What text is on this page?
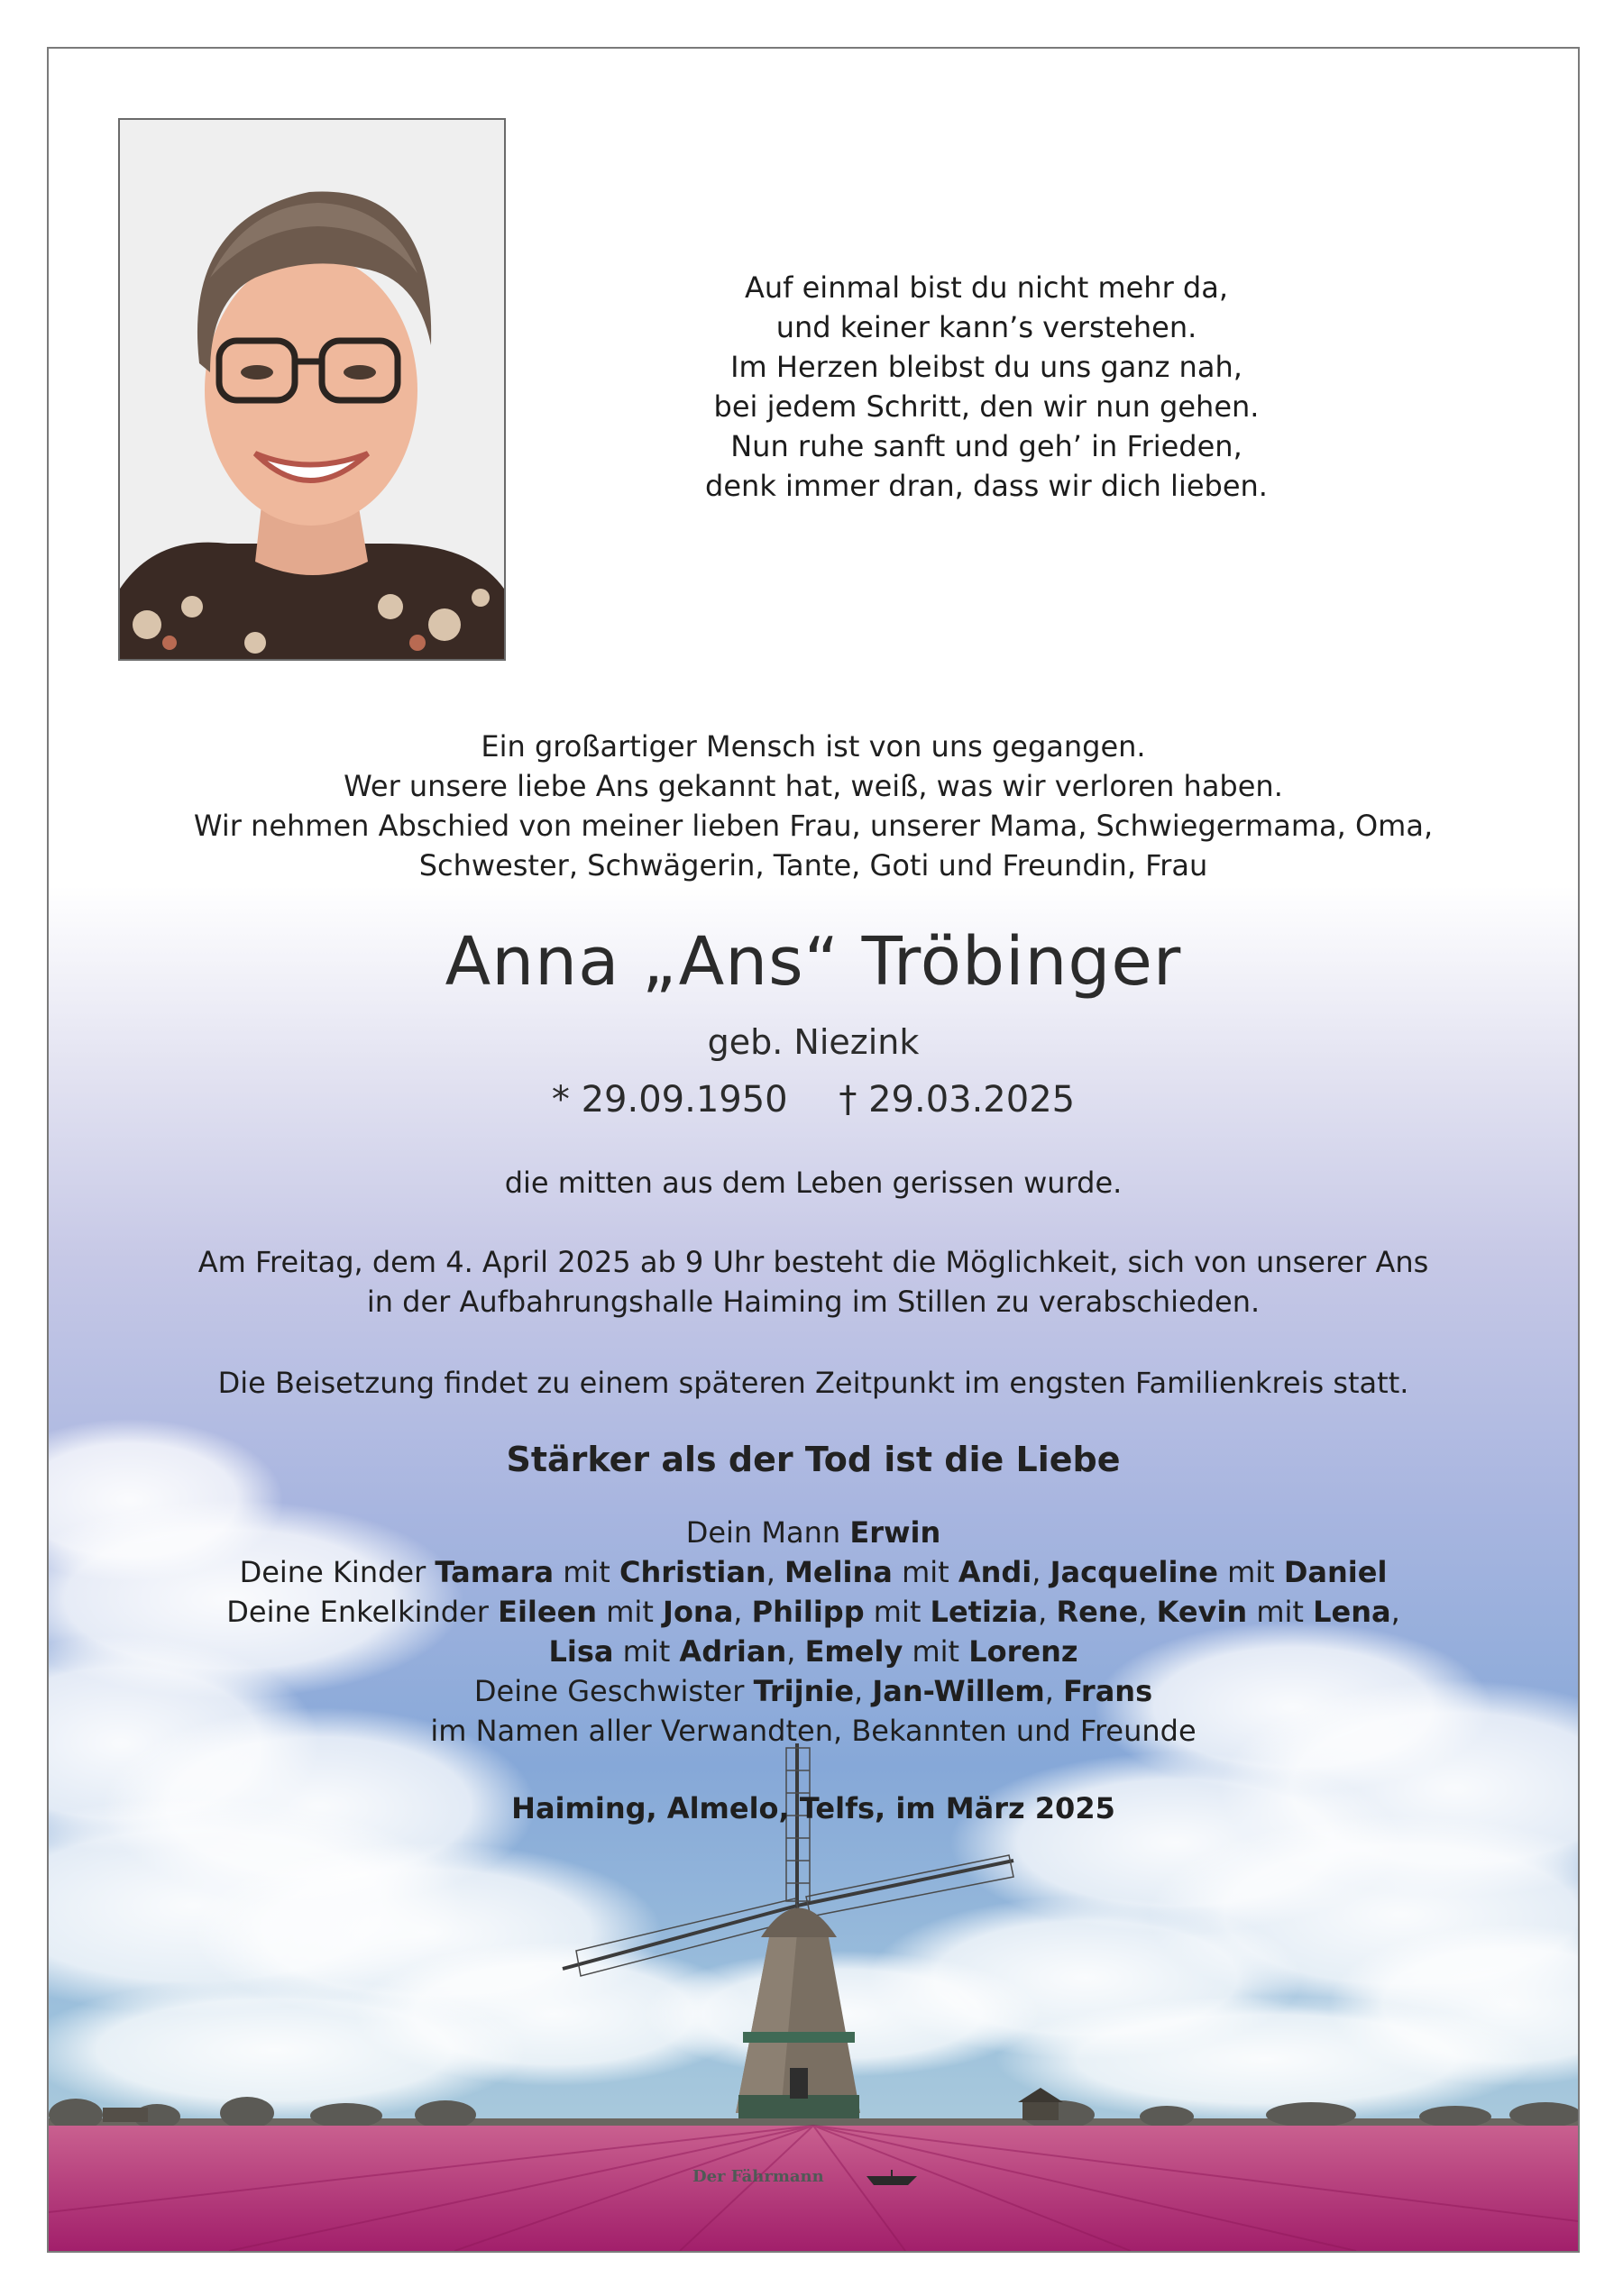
Auf einmal bist du nicht mehr da,
und keiner kann’s verstehen.
Im Herzen bleibst du uns ganz nah,
bei jedem Schritt, den wir nun gehen.
Nun ruhe sanft und geh’ in Frieden,
denk immer dran, dass wir dich lieben.
Ein großartiger Mensch ist von uns gegangen.
Wer unsere liebe Ans gekannt hat, weiß, was wir verloren haben.
Wir nehmen Abschied von meiner lieben Frau, unserer Mama, Schwiegermama, Oma,
Schwester, Schwägerin, Tante, Goti und Freundin, Frau
Anna „Ans“ Tröbinger
geb. Niezink
* 29.09.1950 † 29.03.2025
die mitten aus dem Leben gerissen wurde.
Am Freitag, dem 4. April 2025 ab 9 Uhr besteht die Möglichkeit, sich von unserer Ans
in der Aufbahrungshalle Haiming im Stillen zu verabschieden.
Die Beisetzung findet zu einem späteren Zeitpunkt im engsten Familienkreis statt.
Stärker als der Tod ist die Liebe
Dein Mann Erwin
Deine Kinder Tamara mit Christian, Melina mit Andi, Jacqueline mit Daniel
Deine Enkelkinder Eileen mit Jona, Philipp mit Letizia, Rene, Kevin mit Lena,
Lisa mit Adrian, Emely mit Lorenz
Deine Geschwister Trijnie, Jan-Willem, Frans
im Namen aller Verwandten, Bekannten und Freunde
Haiming, Almelo, Telfs, im März 2025
Der Fährmann
